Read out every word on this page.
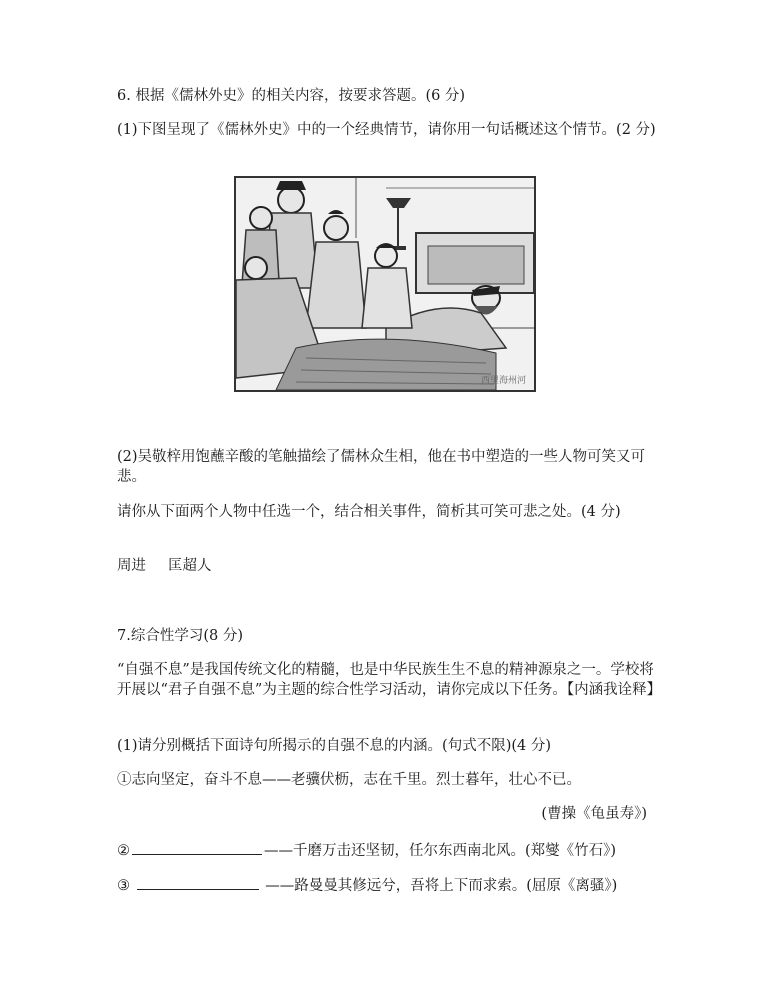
6. 根据《儒林外史》的相关内容，按要求答题。(6 分)

(1)下图呈现了《儒林外史》中的一个经典情节，请你用一句话概述这个情节。(2 分)

西里海州河

(2)吴敬梓用饱蘸辛酸的笔触描绘了儒林众生相，他在书中塑造的一些人物可笑又可悲。

请你从下面两个人物中任选一个，结合相关事件，简析其可笑可悲之处。(4 分)

周进 匡超人

7.综合性学习(8 分)

“自强不息”是我国传统文化的精髓，也是中华民族生生不息的精神源泉之一。学校将开展以“君子自强不息”为主题的综合性学习活动，请你完成以下任务。【内涵我诠释】

(1)请分别概括下面诗句所揭示的自强不息的内涵。(句式不限)(4 分)

①志向坚定，奋斗不息——老骥伏枥，志在千里。烈士暮年，壮心不已。

(曹操《龟虽寿》)

②	——千磨万击还坚韧，任尔东西南北风。(郑燮《竹石》)

③	——路曼曼其修远兮，吾将上下而求索。(屈原《离骚》)
